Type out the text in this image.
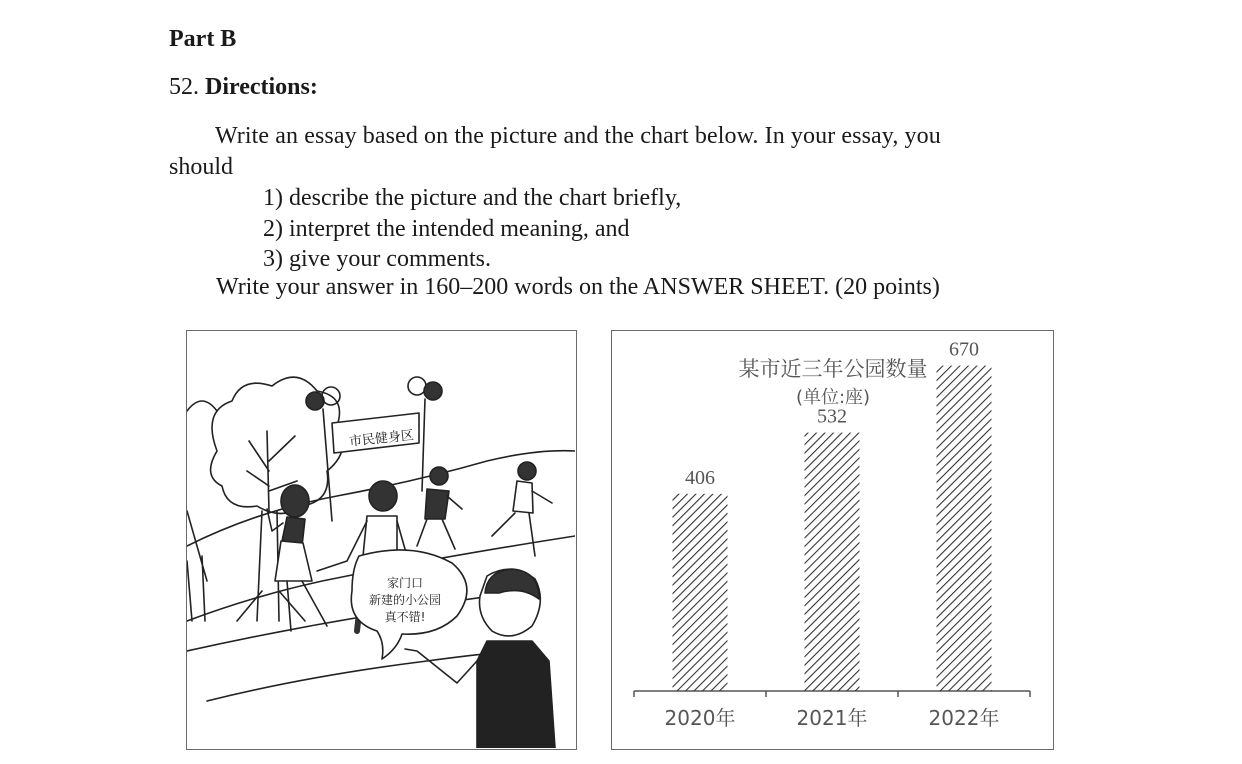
Part B
52. Directions:
Write an essay based on the picture and the chart below. In your essay, you
should
1) describe the picture and the chart briefly,
2) interpret the intended meaning, and
3) give your comments.
Write your answer in 160–200 words on the ANSWER SHEET. (20 points)
市民健身区
家门口
新建的小公园
真不错!
某市近三年公园数量
(单位:座)
406
2020年
532
2021年
670
2022年
